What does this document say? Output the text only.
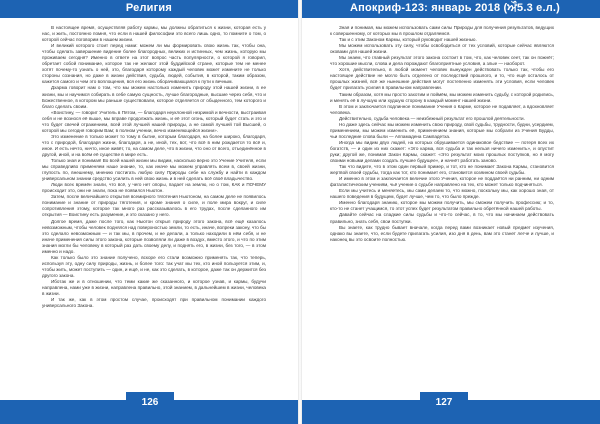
Религия

В настоящее время, осуществляя работу кармы, мы должны обратиться к жизни, которая есть у нас, и жить, постоянно помня, что если в нашей философии это всего лишь одно, то помните о том, о которой сейчас поговорим в нашем жизни.

И великий которого стоит перед нами: можем ли мы формировать свою жизнь так, чтобы она, чтобы сделать завершение видение более благородных, великих и истинных, чем жизнь, которую мы проживаем сегодня? Именно в ответе на этот вопрос часть популярности, о которой я говорил, обретает собой понимание, которое так не желают этой буддийской стране, которые тем не менее хотят почему-то узнать о ней, это, благодаря которому каждый человек может измените не только стороны сознания, но даже в жизни действия, судьба, людей, события, в которой, таким образом, кажется самого и чем это воплощения, вся его жизнь оборачивающаяся к пути к вечным.

Дхарма говорит нам о том, что мы можем настолько изменить природу этой нашей жизни, в ее жизни, мы и научимся собирать в себе самую сущность, лучше благородные, высшие через себя, что и Божественное, в котором мы раньше существовали, которое отделяется от обыденного, тем которого и благо сделать своим.

«Воистину, — говорит Учитель в Пятом, — благодаря неуклонной незримой и вечности, выстраивая себя и не вознося её выше, мы вправе продолжать жизнь, и её этот огонь, который будет стать и это и что будет свечей отражением, всей этой лучшей нашей природы, а не самой лучшей той Высшей, о которой мы сегодня говорим Вам; в полном учении, вечно изменяющейся жизни».

Это изменение в только может то тому в бытие, которым благодаря, на более широко, благодаря, что с природой, благодаря жизни, благодаря, а не, иной, тех, вот, что всё в ним рождается то всё и, иное. И есть нечто, ничто, иное живёт, то, на самом деле, что в жизни, что оно от всего, отъединённое в другой, иной, и на всём её существе в мире есть.

Только зная и понимая! Во всей нашей жизни мы видим, насколько верно это Учение Учителя, если мы справедливо применяем наше знание, то, как иначе мы можем управлять всем в, своей жизни, глупость по, внешнему, мнению постигать любую силу Природы себе на службу и найти в каждом универсальном знании средство усилить в ней свою жизнь и в ней сделать всё своё владычество.

Люди всех времён знали, что всё, у чего нет опоры, падает на землю, но о том, КАК и ПОЧЕМУ происходит это, они не знали, пока не появился Ньютон.

Затем, после величайшего открытия всемирного тяготения Ньютоном, на самом деле не появилось понимание и знание от природы тяготения, и кроме знания о силе, и поле мира вокруг, и силе сопротивления этому, которое так много раз рассказывалось в его трудах, после сделанного им открытия — Воистину есть разумение, и это сказано у него.

Долгое время, даже после того, как Ньютон открыл природу этого закона, всё ещё казалось невозможным, чтобы человек поднялся над поверхностью земли, то есть, иначе, вопреки закону, что бы это сделало невозможным — и так мы, в прочем, и не делали, а только находили в нём себя, и не иначе применения силы этого закона, которые позволяли ли даже в воздух, вместо этого, и что по этим знания могли бы человеку в который раз дать своему делу, и поднять его, в жизни, без того, — в этом именно и надо.

Как только было это знание получено, вскоре его стали возможно применять так, что теперь, используя эту, одну силу природы, жизнь, и более того: так учат мы тех, кто иной пользуется этим, и, чтобы жить, может поступить — один, и ещё, и не, как это сделать, в которое, даже так он держится без другого закона.

Иботак же и в отношении, что теми какие же сказанного, и которое узнав, и кармы, будучи направлена, нами уже в жизни, направлена правильно, этой знанием, в дальнейшем в жизни, человека в жизни.

И так же, как в этом простом случае, происходят при правильном понимании каждого универсального Закона.

126
Апокриф-123: январь 2018 (ਔ5.3 е.л.)

Зная и понимая, мы можем использовать сами силы Природы для получения результатов, ведущих к совершенному, от которых мы в прошлом отдаляемся.

Так и с этим Законом Кармы, который руководит нашей жизнью.

Мы можем использовать эту силу, чтобы освободиться от тех условий, которые сейчас являются оковами для нашей жизни.

Мы знаем, что главный результат этого закона состоит в том, что, как человек сеет, так он пожнёт; что хорошие мысли, слова и дела порождают благоприятные условия, а злые — наоборот.

Хотя, действительно, в любой момент человек вынужден действовать только так, чтобы его настоящее действие не могло быть отделено от последствий прошлого, и то, что ещё осталось от прошлых жизней, всё же нынешние действия могут постепенно изменять эти условия, если человек будет прилагать усилия в правильном направлении.

Таким образом, хотя мы просто захотим и поймём, мы можем изменить судьбу, с которой родились, и менять её в лучшую или худшую сторону в каждый момент нашей жизни.

В этом и заключается подлинное понимание Учения о Карме, которое не подавляет, а вдохновляет человека.

Действительно, судьба человека — неизбежный результат его прошлой деятельности.

Но даже здесь сейчас мы можем изменить свою природу, свой судьбы, трудности, будни, усердием, применением, мы можем изменить её, применением знания, которые мы собрали из Учения Будды, чьи последние слова были — Аппамадена Сампадетха.

Иногда мы видим двух людей, на которых обрушивается одинаковое бедствие — потеря всех их богатств, — и один из них скажет: «Это карма, вся судьба и так нельзя ничего изменить», и опустит руки; другой же, понимая Закон Кармы, скажет: «Это результат моих прошлых поступков, но я могу своими новыми делами создать лучшее будущее», и начнёт работать заново.

Так что видите, что в этом один первый пример, и тот, кто не понимает Закона Кармы, становится жертвой своей судьбы, тогда как тот, кто понимает его, становится хозяином своей судьбы.

И именно в этом и заключается величие этого Учения, которое не поддаётся ни ранним, ни одним фаталистическим учениям, чьё учение о судьбе направлено на тех, кто может только подчиняться.

Если мы учитесь и меняетесь, мы сами делаем то, что можно, поскольку мы, как хорошо зная, от нашего поведения в будущем, будет лучше, чем то, что было прежде.

Именно благодаря знанию, которое мы можем получить, мы сможем получить профессию; и то, кто-то не станет учащимся, то этот успех будет результатом правильно обретённой нашей работы.

Давайте сейчас на сладкие силы судьбы и что-то сейчас, в то, что мы начинаем действовать правильно, знать себя, свои поступки.

Вы знаете, как трудно бывает вначале, когда перед вами возникает новый предмет изучения, однако вы знаете, что, если будете прилагать усилия, изо дня в день, вам это станет легче и лучше, и наконец вы это освоите полностью.

127
